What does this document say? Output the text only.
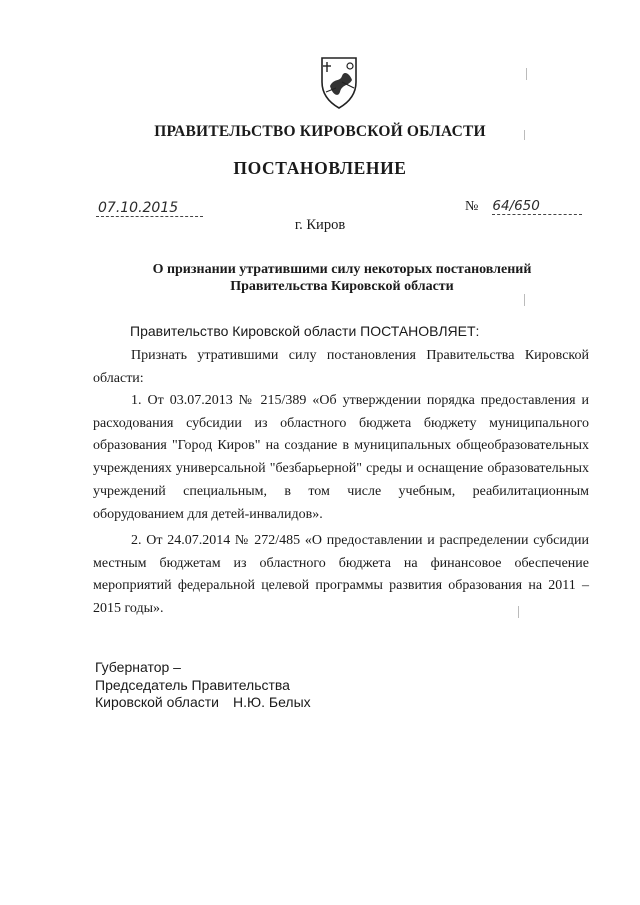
ПРАВИТЕЛЬСТВО КИРОВСКОЙ ОБЛАСТИ
ПОСТАНОВЛЕНИЕ
07.10.2015	№ 64/650
г. Киров
О признании утратившими силу некоторых постановлений
Правительства Кировской области
Правительство Кировской области ПОСТАНОВЛЯЕТ:
Признать утратившими силу постановления Правительства Кировской области:
1. От 03.07.2013 № 215/389 «Об утверждении порядка предоставления и расходования субсидии из областного бюджета бюджету муниципального образования "Город Киров" на создание в муниципальных общеобразовательных учреждениях универсальной "безбарьерной" среды и оснащение образовательных учреждений специальным, в том числе учебным, реабилитационным оборудованием для детей-инвалидов».
2. От 24.07.2014 № 272/485 «О предоставлении и распределении субсидии местным бюджетам из областного бюджета на финансовое обеспечение мероприятий федеральной целевой программы развития образования на 2011 –2015 годы».
Губернатор –
Председатель Правительства
Кировской области Н.Ю. Белых
